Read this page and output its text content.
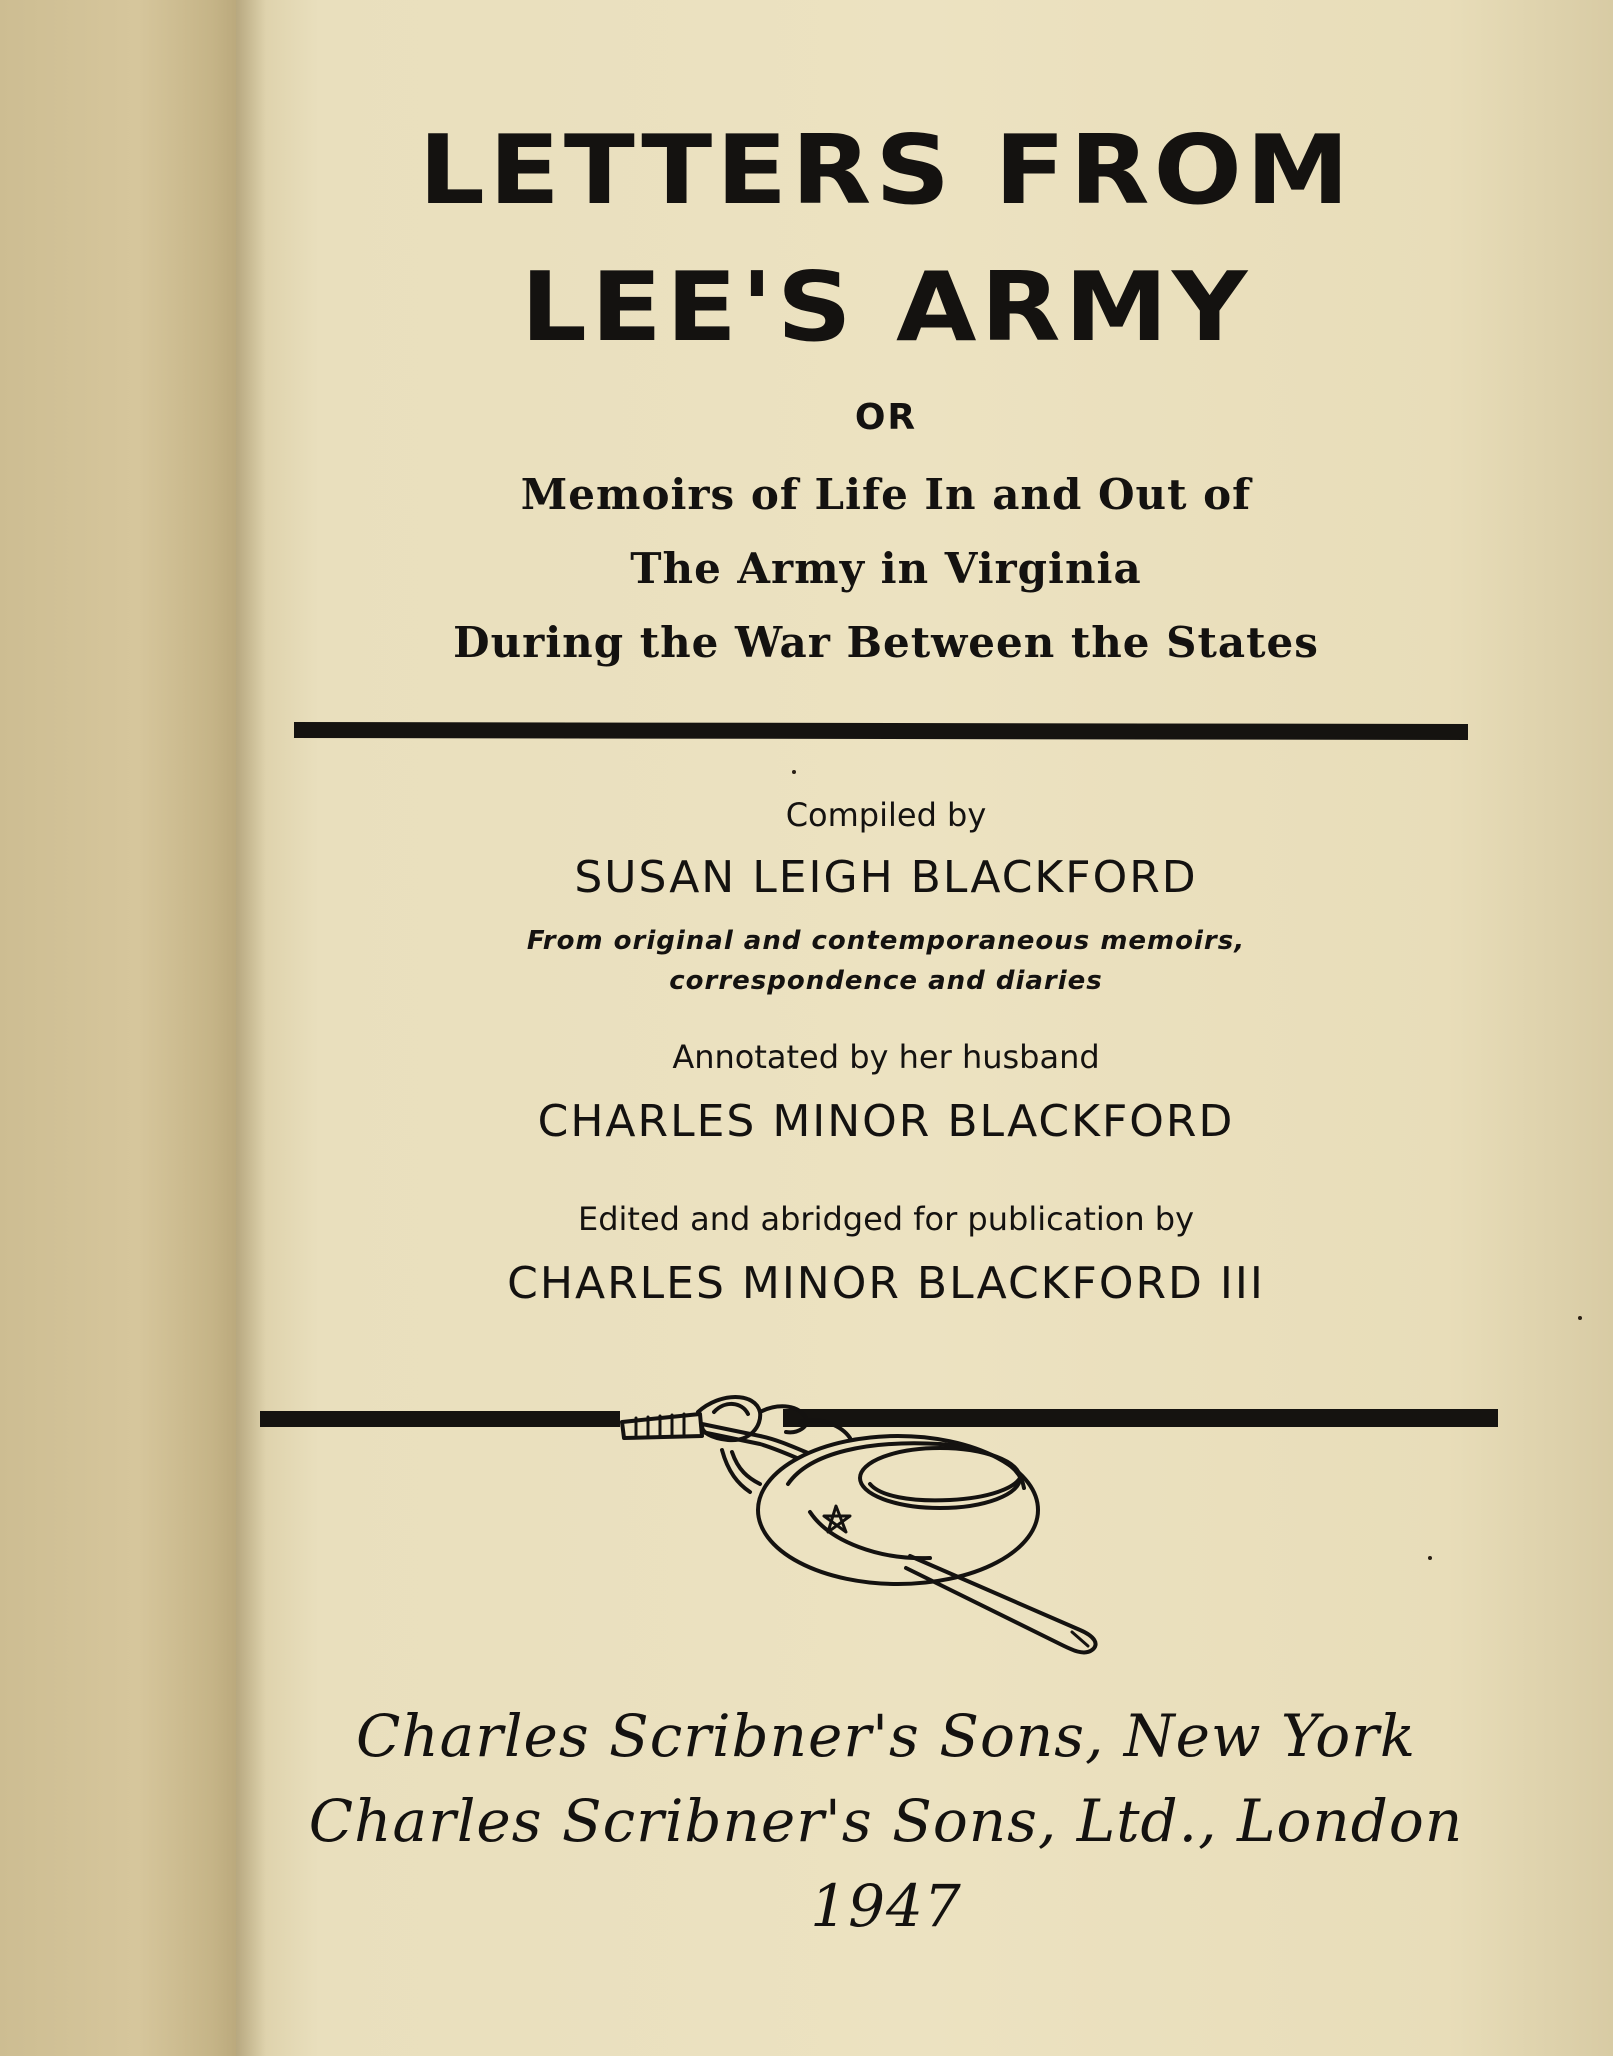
LETTERS FROM
LEE'S ARMY
OR
Memoirs of Life In and Out of
The Army in Virginia
During the War Between the States
Compiled by
SUSAN LEIGH BLACKFORD
From original and contemporaneous memoirs,
correspondence and diaries
Annotated by her husband
CHARLES MINOR BLACKFORD
Edited and abridged for publication by
CHARLES MINOR BLACKFORD III
Charles Scribner's Sons, New York
Charles Scribner's Sons, Ltd., London
1947
